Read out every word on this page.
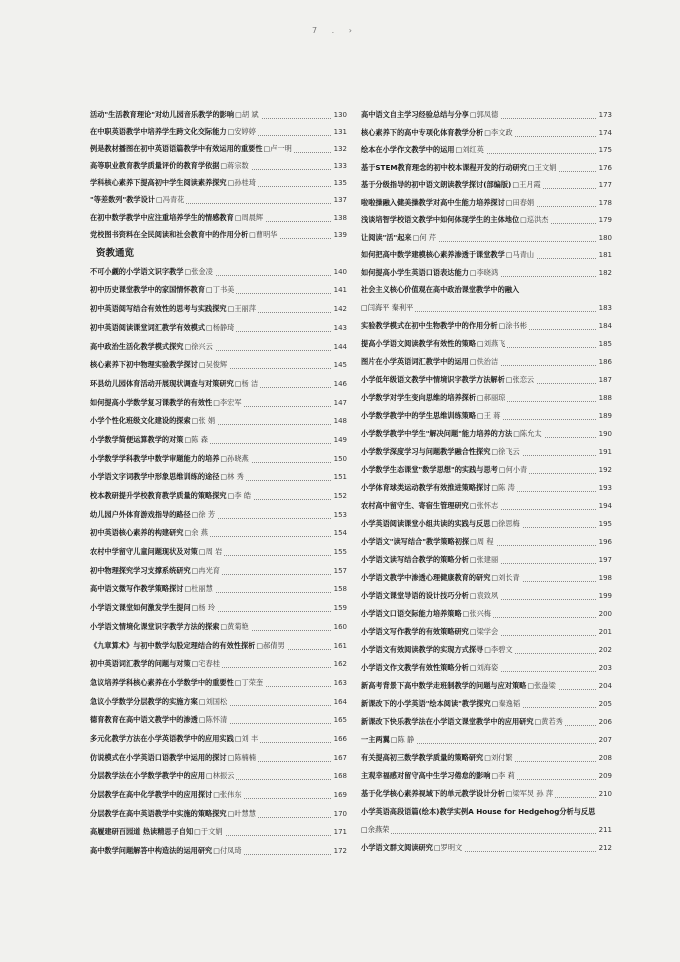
7 . ›
活动"生活教育理论"对幼儿园音乐教学的影响□胡 斌	130
在中职英语教学中培养学生跨文化交际能力□安婷婷	131
例是教材播图在初中英语语篇教学中有效运用的重要性□卢一明	132
高等职业教育教学质量评价的教育学依据□蒋宗数	133
学科核心素养下提高初中学生阅读素养探究□孙桂琦	135
"等差数列"教学设计□冯青花	137
在初中数学教学中应注重培养学生的情感教育□周晨辉	138
党校图书资料在全民阅读和社会教育中的作用分析□曹明华	139
资教通览
不可小觑的小学语文识字教学□张金凌	140
初中历史课堂教学中的家国情怀教育□丁书美	141
初中英语阅写结合有效性的思考与实践探究□王丽萍	142
初中英语阅读课堂词汇教学有效模式□杨静琦	143
高中政治生活化教学模式探究□徐兴云	144
核心素养下初中物理实验教学探讨□吴俊辉	145
环县幼儿园体育活动开展现状调查与对策研究□杨 洁	146
如何提高小学数学复习课教学的有效性□李宏军	147
小学个性化班级文化建设的探索□张 娟	148
小学数学简便运算教学的对策□陈 森	149
小学数学学科教学中数学审题能力的培养□孙晓燕	150
小学语文字词教学中形象思维训练的途径□林 秀	151
校本教研提升学校教育教学质量的策略探究□李 皓	152
幼儿园户外体育游戏指导的路径□徐 芳	153
初中英语核心素养的构建研究□余 燕	154
农村中学留守儿童问题现状及对策□周 岩	155
初中物理探究学习支撑系统研究□冉光育	157
高中语文微写作教学策略探讨□杜丽慧	158
小学语文课堂如何激发学生提问□杨 玲	159
小学语文情境化课堂识字教学方法的探索□黄菊艳	160
《九章算术》与初中数学勾股定理结合的有效性探析□郝倩男	161
初中英语词汇教学的问题与对策□宅春桂	162
急议培养学科核心素养在小学数学中的重要性□丁荣奎	163
急议小学数学分层教学的实施方案□刘国松	164
德育教育在高中语文教学中的渗透□陈怀清	165
多元化教学方法在小学英语教学中的应用实践□刘 丰	166
仿说模式在小学英语口语教学中运用的探讨□陈楠楠	167
分层教学法在小学数学教学中的应用□林振云	168
分层教学在高中化学教学中的应用探讨□张伟东	169
分层教学在高中英语教学中实施的策略探究□叶慧慧	170
高履建研百园道 热读精思子自知□于文娟	171
高中数学问题解答中构造法的运用研究□付凤琦	172
高中语文自主学习经验总结与分享□郭凤德	173
核心素养下的高中专项化体育教学分析□李文政	174
绘本在小学作文教学中的运用□刘红英	175
基于STEM教育理念的初中校本课程开发的行动研究□王文娟	176
基于分级指导的初中语文朗读教学探讨(部编版)□王月霞	177
啦啦操融入健美操教学对高中生能力培养探讨□田春娟	178
浅谈培智学校语文教学中如何体现学生的主体地位□巡洪杰	179
让阅读"活"起来□何 芹	180
如何把高中数学建模核心素养渗透于课堂教学□马青山	181
如何提高小学生英语口语表达能力□李晓鸿	182
社会主义核心价值观在高中政治课堂教学中的融入
□闫海平 秦利平	183
实验教学模式在初中生物教学中的作用分析□涂书彬	184
提高小学语文阅读教学有效性的策略□刘燕飞	185
图片在小学英语词汇教学中的运用□佚治洁	186
小学低年级语文教学中情境识字教学方法解析□张恋云	187
小学数学对学生变向思维的培养探析□郝丽琼	188
小学数学教学中的学生思维训练策略□王 蒋	189
小学数学教学中学生"解决问题"能力培养的方法□陈允太	190
小学数学深度学习与问题教学融合性探究□徐飞云	191
小学数学生态课堂"数学思想"的实践与思考□何小青	192
小学体育球类运动教学有效推进策略探讨□陈 涛	193
农村高中留守生、寄宿生管理研究□张怀志	194
小学英语阅读课堂小组共读的实践与反思□徐思梅	195
小学语文"读写结合"教学策略初探□周 程	196
小学语文读写结合教学的策略分析□张建丽	197
小学语文教学中渗透心理健康教育的研究□刘长青	198
小学语文课堂导语的设计技巧分析□袁致夙	199
小学语文口语交际能力培养策略□张兴梅	200
小学语文写作教学的有效策略研究□梁学会	201
小学语文有效阅读教学的实现方式探寻□李碧文	202
小学语文作文教学有效性策略分析□刘海姿	203
新高考背景下高中数学走班制教学的问题与应对策略□张盎梁	204
新课改下的小学英语"绘本阅读"教学探究□秦逸韬	205
新课改下快乐教学法在小学语文课堂教学中的应用研究□黄若秀	206
一主两翼□陈 静	207
有关提高初三数学教学质量的策略研究□刘付繁	208
主观幸福感对留守高中生学习倦怠的影响□李 莉	209
基于化学核心素养视域下的单元教学设计分析□梁军炅 孙 萍	210
小学英语高段语篇(绘本)教学实例A House for Hedgehog分析与反思
□余燕荣	211
小学语文群文阅读研究□罗明文	212
